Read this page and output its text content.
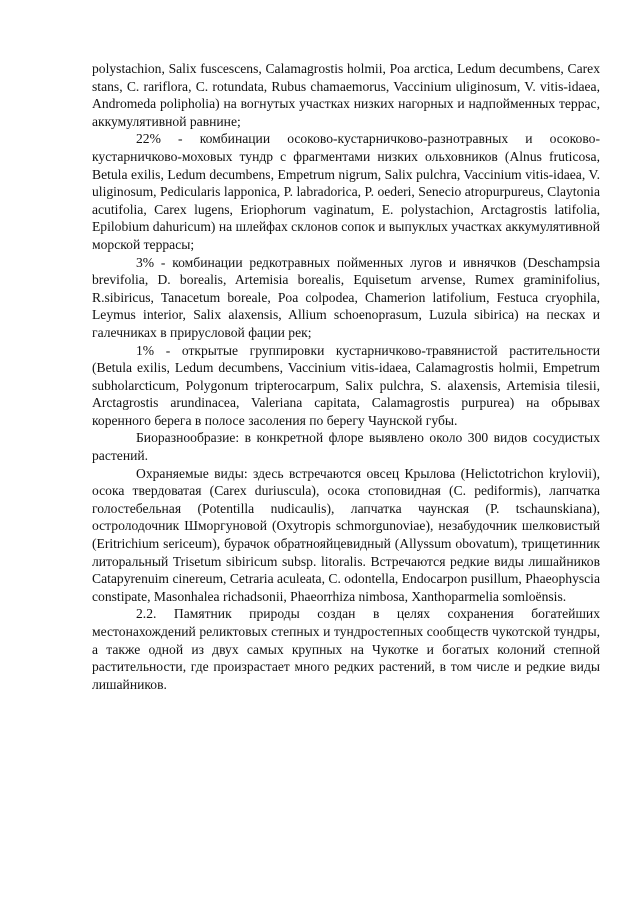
polystachion, Salix fuscescens, Calamagrostis holmii, Poa arctica, Ledum decumbens, Carex stans, C. rariflora, C. rotundata, Rubus chamaemorus, Vaccinium uliginosum, V. vitis-idaea, Andromeda polipholia) на вогнутых участках низких нагорных и надпойменных террас, аккумулятивной равнине;

22% - комбинации осоково-кустарничково-разнотравных и осоково-кустарничково-моховых тундр с фрагментами низких ольховников (Alnus fruticosa, Betula exilis, Ledum decumbens, Empetrum nigrum, Salix pulchra, Vaccinium vitis-idaea, V. uliginosum, Pedicularis lapponica, P. labradorica, P. oederi, Senecio atropurpureus, Claytonia acutifolia, Carex lugens, Eriophorum vaginatum, E. polystachion, Arctagrostis latifolia, Epilobium dahuricum) на шлейфах склонов сопок и выпуклых участках аккумулятивной морской террасы;

3% - комбинации редкотравных пойменных лугов и ивнячков (Deschampsia brevifolia, D. borealis, Artemisia borealis, Equisetum arvense, Rumex graminifolius, R.sibiricus, Tanacetum boreale, Poa colpodea, Chamerion latifolium, Festuca cryophila, Leymus interior, Salix alaxensis, Allium schoenoprasum, Luzula sibirica) на песках и галечниках в прирусловой фации рек;

1% - открытые группировки кустарничково-травянистой растительности (Betula exilis, Ledum decumbens, Vaccinium vitis-idaea, Calamagrostis holmii, Empetrum subholarcticum, Polygonum tripterocarpum, Salix pulchra, S. alaxensis, Artemisia tilesii, Arctagrostis arundinacea, Valeriana capitata, Calamagrostis purpurea) на обрывах коренного берега в полосе засоления по берегу Чаунской губы.

Биоразнообразие: в конкретной флоре выявлено около 300 видов сосудистых растений.

Охраняемые виды: здесь встречаются овсец Крылова (Helictotrichon krylovii), осока твердоватая (Carex duriuscula), осока стоповидная (C. pediformis), лапчатка голостебельная (Potentilla nudicaulis), лапчатка чаунская (P. tschaunskiana), остролодочник Шморгуновой (Oxytropis schmorgunoviae), незабудочник шелковистый (Eritrichium sericeum), бурачок обратнояйцевидный (Allyssum obovatum), трищетинник литоральный Trisetum sibiricum subsp. litoralis. Встречаются редкие виды лишайников Catapyrenuim cinereum, Cetraria aculeata, C. odontella, Endocarpon pusillum, Phaeophyscia constipate, Masonhalea richadsonii, Phaeorrhiza nimbosa, Xanthoparmelia somloënsis.

2.2. Памятник природы создан в целях сохранения богатейших местонахождений реликтовых степных и тундростепных сообществ чукотской тундры, а также одной из двух самых крупных на Чукотке и богатых колоний степной растительности, где произрастает много редких растений, в том числе и редкие виды лишайников.
